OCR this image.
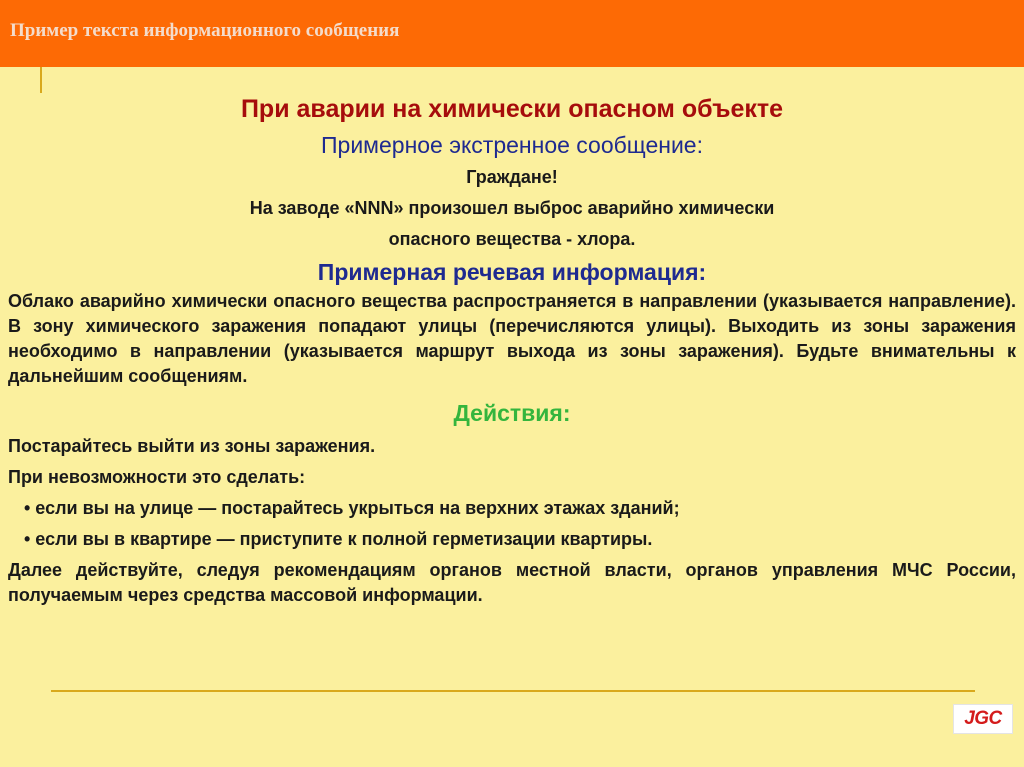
Пример текста информационного сообщения
При аварии на химически опасном объекте
Примерное экстренное сообщение:
Граждане!
На заводе «NNN» произошел выброс аварийно химически
опасного вещества - хлора.
Примерная речевая информация:
Облако аварийно химически опасного вещества распространяется в направлении (указывается направление). В зону химического заражения попадают улицы (перечисляются улицы). Выходить из зоны заражения необходимо в направлении (указывается маршрут выхода из зоны заражения). Будьте внимательны к дальнейшим сообщениям.
Действия:
Постарайтесь выйти из зоны заражения.
При невозможности это сделать:
• если вы на улице — постарайтесь укрыться на верхних этажах зданий;
• если вы в квартире — приступите к полной герметизации квартиры.
Далее действуйте, следуя рекомендациям органов местной власти, органов управления МЧС России, получаемым через средства массовой информации.
JGC
